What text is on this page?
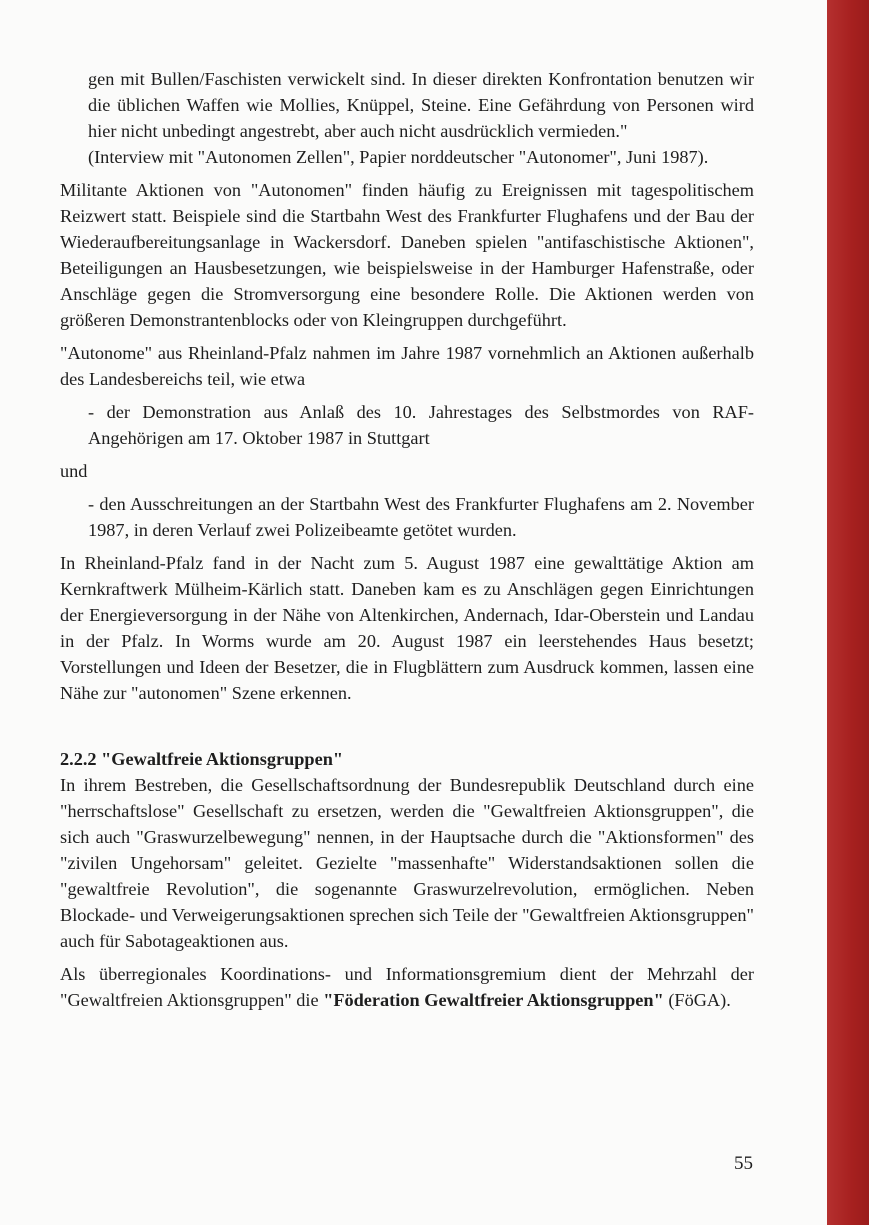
gen mit Bullen/Faschisten verwickelt sind. In dieser direkten Konfrontation benutzen wir die üblichen Waffen wie Mollies, Knüppel, Steine. Eine Gefährdung von Personen wird hier nicht unbedingt angestrebt, aber auch nicht ausdrücklich vermieden."

(Interview mit "Autonomen Zellen", Papier norddeutscher "Autonomer", Juni 1987).

Militante Aktionen von "Autonomen" finden häufig zu Ereignissen mit tagespolitischem Reizwert statt. Beispiele sind die Startbahn West des Frankfurter Flughafens und der Bau der Wiederaufbereitungsanlage in Wackersdorf. Daneben spielen "antifaschistische Aktionen", Beteiligungen an Hausbesetzungen, wie beispielsweise in der Hamburger Hafenstraße, oder Anschläge gegen die Stromversorgung eine besondere Rolle. Die Aktionen werden von größeren Demonstrantenblocks oder von Kleingruppen durchgeführt.

"Autonome" aus Rheinland-Pfalz nahmen im Jahre 1987 vornehmlich an Aktionen außerhalb des Landesbereichs teil, wie etwa

- der Demonstration aus Anlaß des 10. Jahrestages des Selbstmordes von RAF-Angehörigen am 17. Oktober 1987 in Stuttgart

und

- den Ausschreitungen an der Startbahn West des Frankfurter Flughafens am 2. November 1987, in deren Verlauf zwei Polizeibeamte getötet wurden.

In Rheinland-Pfalz fand in der Nacht zum 5. August 1987 eine gewalttätige Aktion am Kernkraftwerk Mülheim-Kärlich statt. Daneben kam es zu Anschlägen gegen Einrichtungen der Energieversorgung in der Nähe von Altenkirchen, Andernach, Idar-Oberstein und Landau in der Pfalz. In Worms wurde am 20. August 1987 ein leerstehendes Haus besetzt; Vorstellungen und Ideen der Besetzer, die in Flugblättern zum Ausdruck kommen, lassen eine Nähe zur "autonomen" Szene erkennen.

2.2.2 "Gewaltfreie Aktionsgruppen"

In ihrem Bestreben, die Gesellschaftsordnung der Bundesrepublik Deutschland durch eine "herrschaftslose" Gesellschaft zu ersetzen, werden die "Gewaltfreien Aktionsgruppen", die sich auch "Graswurzelbewegung" nennen, in der Hauptsache durch die "Aktionsformen" des "zivilen Ungehorsam" geleitet. Gezielte "massenhafte" Widerstandsaktionen sollen die "gewaltfreie Revolution", die sogenannte Graswurzelrevolution, ermöglichen. Neben Blockade- und Verweigerungsaktionen sprechen sich Teile der "Gewaltfreien Aktionsgruppen" auch für Sabotageaktionen aus.

Als überregionales Koordinations- und Informationsgremium dient der Mehrzahl der "Gewaltfreien Aktionsgruppen" die "Föderation Gewaltfreier Aktionsgruppen" (FöGA).

55
